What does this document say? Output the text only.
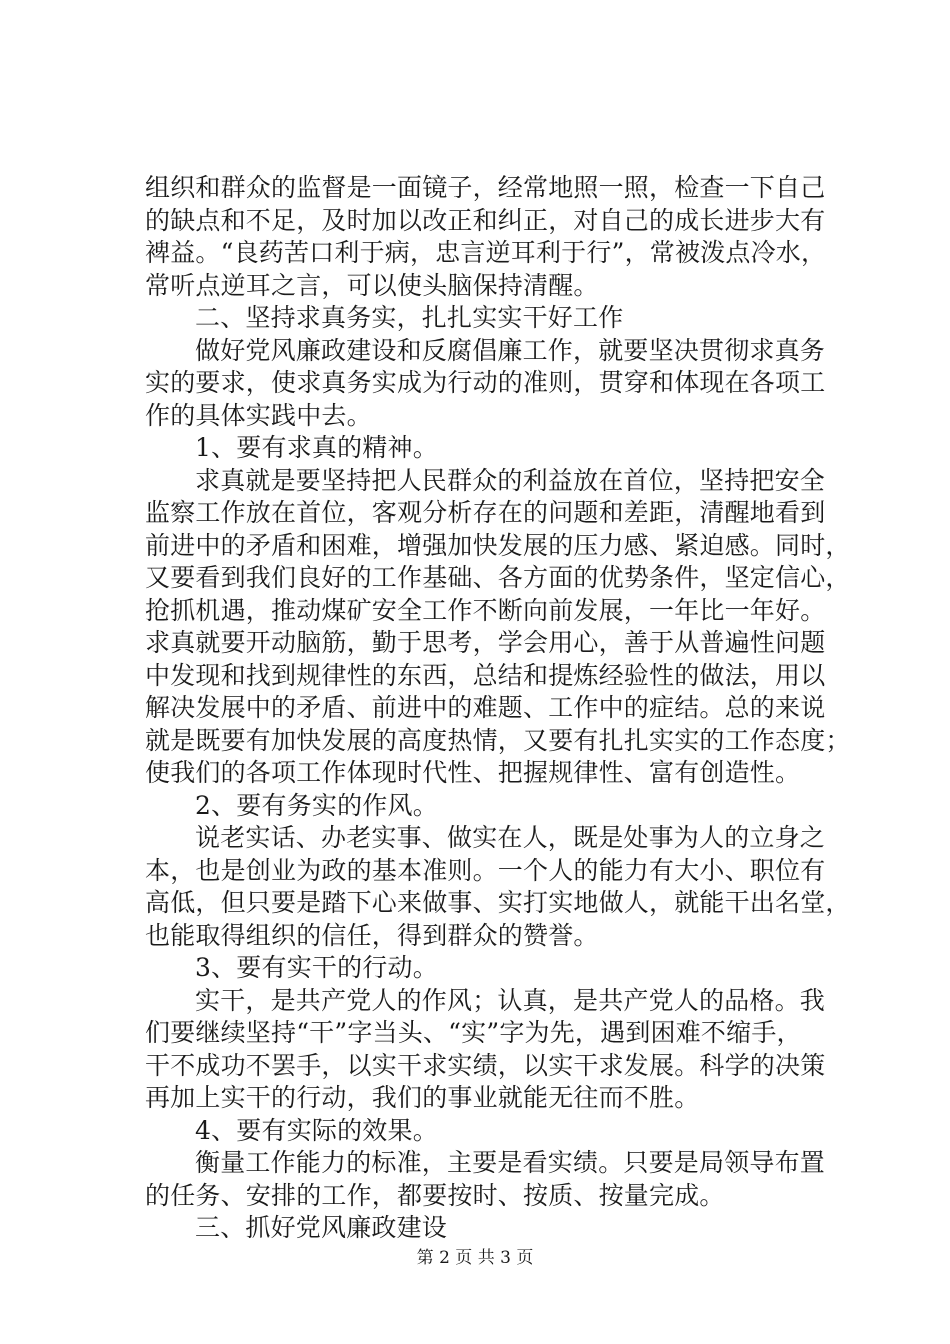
组织和群众的监督是一面镜子，经常地照一照，检查一下自己
的缺点和不足，及时加以改正和纠正，对自己的成长进步大有
裨益。“良药苦口利于病，忠言逆耳利于行”，常被泼点冷水，
常听点逆耳之言，可以使头脑保持清醒。
二、坚持求真务实，扎扎实实干好工作
做好党风廉政建设和反腐倡廉工作，就要坚决贯彻求真务
实的要求，使求真务实成为行动的准则，贯穿和体现在各项工
作的具体实践中去。
1、要有求真的精神。
求真就是要坚持把人民群众的利益放在首位，坚持把安全
监察工作放在首位，客观分析存在的问题和差距，清醒地看到
前进中的矛盾和困难，增强加快发展的压力感、紧迫感。同时，
又要看到我们良好的工作基础、各方面的优势条件，坚定信心，
抢抓机遇，推动煤矿安全工作不断向前发展，一年比一年好。
求真就要开动脑筋，勤于思考，学会用心，善于从普遍性问题
中发现和找到规律性的东西，总结和提炼经验性的做法，用以
解决发展中的矛盾、前进中的难题、工作中的症结。总的来说
就是既要有加快发展的高度热情，又要有扎扎实实的工作态度；
使我们的各项工作体现时代性、把握规律性、富有创造性。
2、要有务实的作风。
说老实话、办老实事、做实在人，既是处事为人的立身之
本，也是创业为政的基本准则。一个人的能力有大小、职位有
高低，但只要是踏下心来做事、实打实地做人，就能干出名堂，
也能取得组织的信任，得到群众的赞誉。
3、要有实干的行动。
实干，是共产党人的作风；认真，是共产党人的品格。我
们要继续坚持“干”字当头、“实”字为先，遇到困难不缩手，
干不成功不罢手，以实干求实绩，以实干求发展。科学的决策
再加上实干的行动，我们的事业就能无往而不胜。
4、要有实际的效果。
衡量工作能力的标准，主要是看实绩。只要是局领导布置
的任务、安排的工作，都要按时、按质、按量完成。
三、抓好党风廉政建设
第 2 页 共 3 页
